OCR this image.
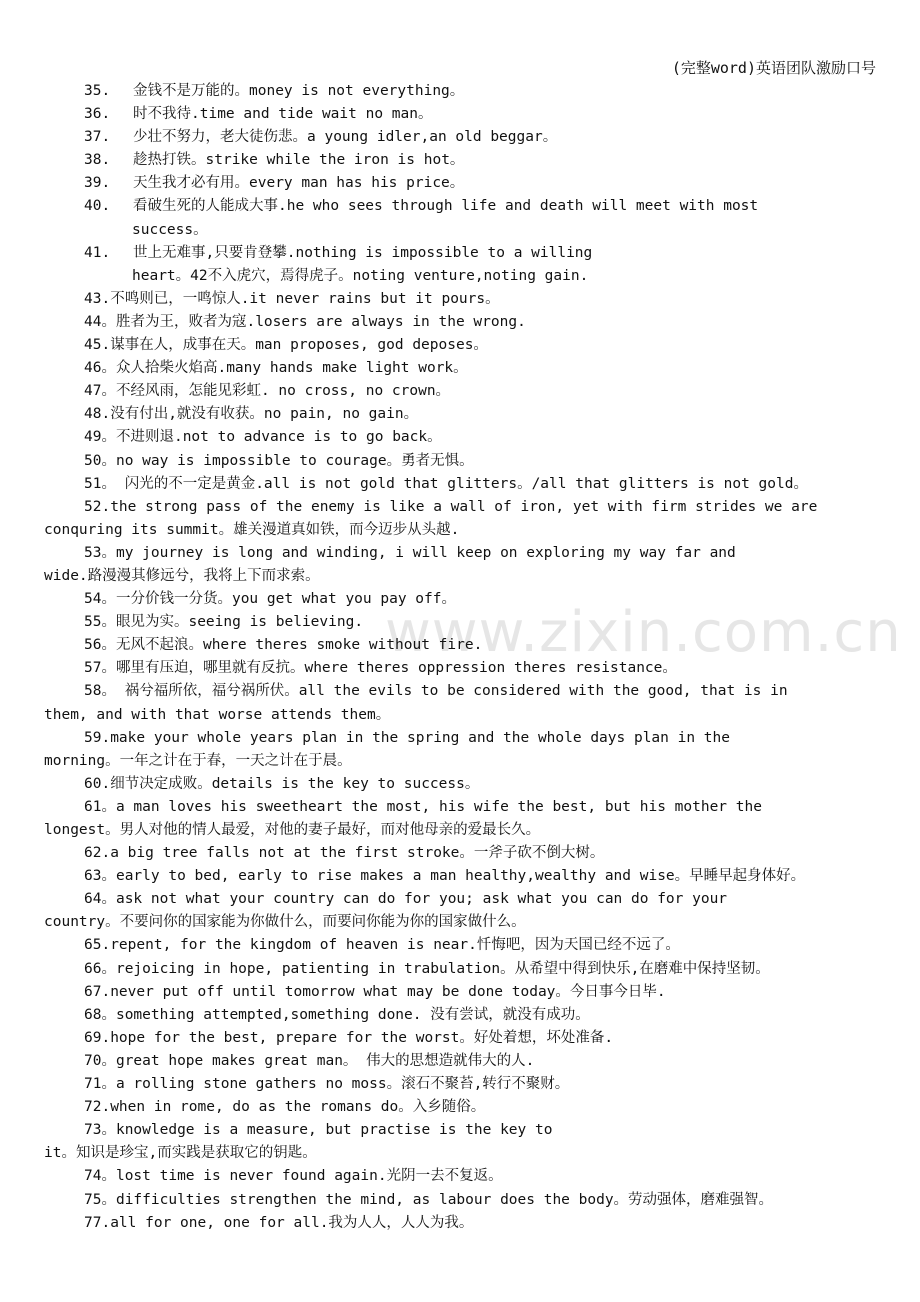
(完整word)英语团队激励口号
www.zixin.com.cn
35. 金钱不是万能的。money is not everything。
36. 时不我待.time and tide wait no man。
37. 少壮不努力，老大徒伤悲。a young idler,an old beggar。
38. 趁热打铁。strike while the iron is hot。
39. 天生我才必有用。every man has his price。
40. 看破生死的人能成大事.he who sees through life and death will meet with most
success。
41. 世上无难事,只要肯登攀.nothing is impossible to a willing
heart。42不入虎穴，焉得虎子。noting venture,noting gain.
43.不鸣则已，一鸣惊人.it never rains but it pours。
44。胜者为王，败者为寇.losers are always in the wrong.
45.谋事在人，成事在天。man proposes, god deposes。
46。众人拾柴火焰高.many hands make light work。
47。不经风雨，怎能见彩虹. no cross, no crown。
48.没有付出,就没有收获。no pain, no gain。
49。不进则退.not to advance is to go back。
50。no way is impossible to courage。勇者无惧。
51。 闪光的不一定是黄金.all is not gold that glitters。/all that glitters is not gold。
52.the strong pass of the enemy is like a wall of iron, yet with firm strides we are
conquring its summit。雄关漫道真如铁，而今迈步从头越.
53。my journey is long and winding, i will keep on exploring my way far and
wide.路漫漫其修远兮，我将上下而求索。
54。一分价钱一分货。you get what you pay off。
55。眼见为实。seeing is believing.
56。无风不起浪。where theres smoke without fire.
57。哪里有压迫，哪里就有反抗。where theres oppression theres resistance。
58。 祸兮福所依，福兮祸所伏。all the evils to be considered with the good, that is in
them, and with that worse attends them。
59.make your whole years plan in the spring and the whole days plan in the
morning。一年之计在于春，一天之计在于晨。
60.细节决定成败。details is the key to success。
61。a man loves his sweetheart the most, his wife the best, but his mother the
longest。男人对他的情人最爱，对他的妻子最好，而对他母亲的爱最长久。
62.a big tree falls not at the first stroke。一斧子砍不倒大树。
63。early to bed, early to rise makes a man healthy,wealthy and wise。早睡早起身体好。
64。ask not what your country can do for you; ask what you can do for your
country。不要问你的国家能为你做什么，而要问你能为你的国家做什么。
65.repent, for the kingdom of heaven is near.忏悔吧，因为天国已经不远了。
66。rejoicing in hope, patienting in trabulation。从希望中得到快乐,在磨难中保持坚韧。
67.never put off until tomorrow what may be done today。今日事今日毕.
68。something attempted,something done. 没有尝试，就没有成功。
69.hope for the best, prepare for the worst。好处着想，坏处准备.
70。great hope makes great man。 伟大的思想造就伟大的人.
71。a rolling stone gathers no moss。滚石不聚苔,转行不聚财。
72.when in rome, do as the romans do。入乡随俗。
73。knowledge is a measure, but practise is the key to
it。知识是珍宝,而实践是获取它的钥匙。
74。lost time is never found again.光阴一去不复返。
75。difficulties strengthen the mind, as labour does the body。劳动强体，磨难强智。
77.all for one, one for all.我为人人，人人为我。
